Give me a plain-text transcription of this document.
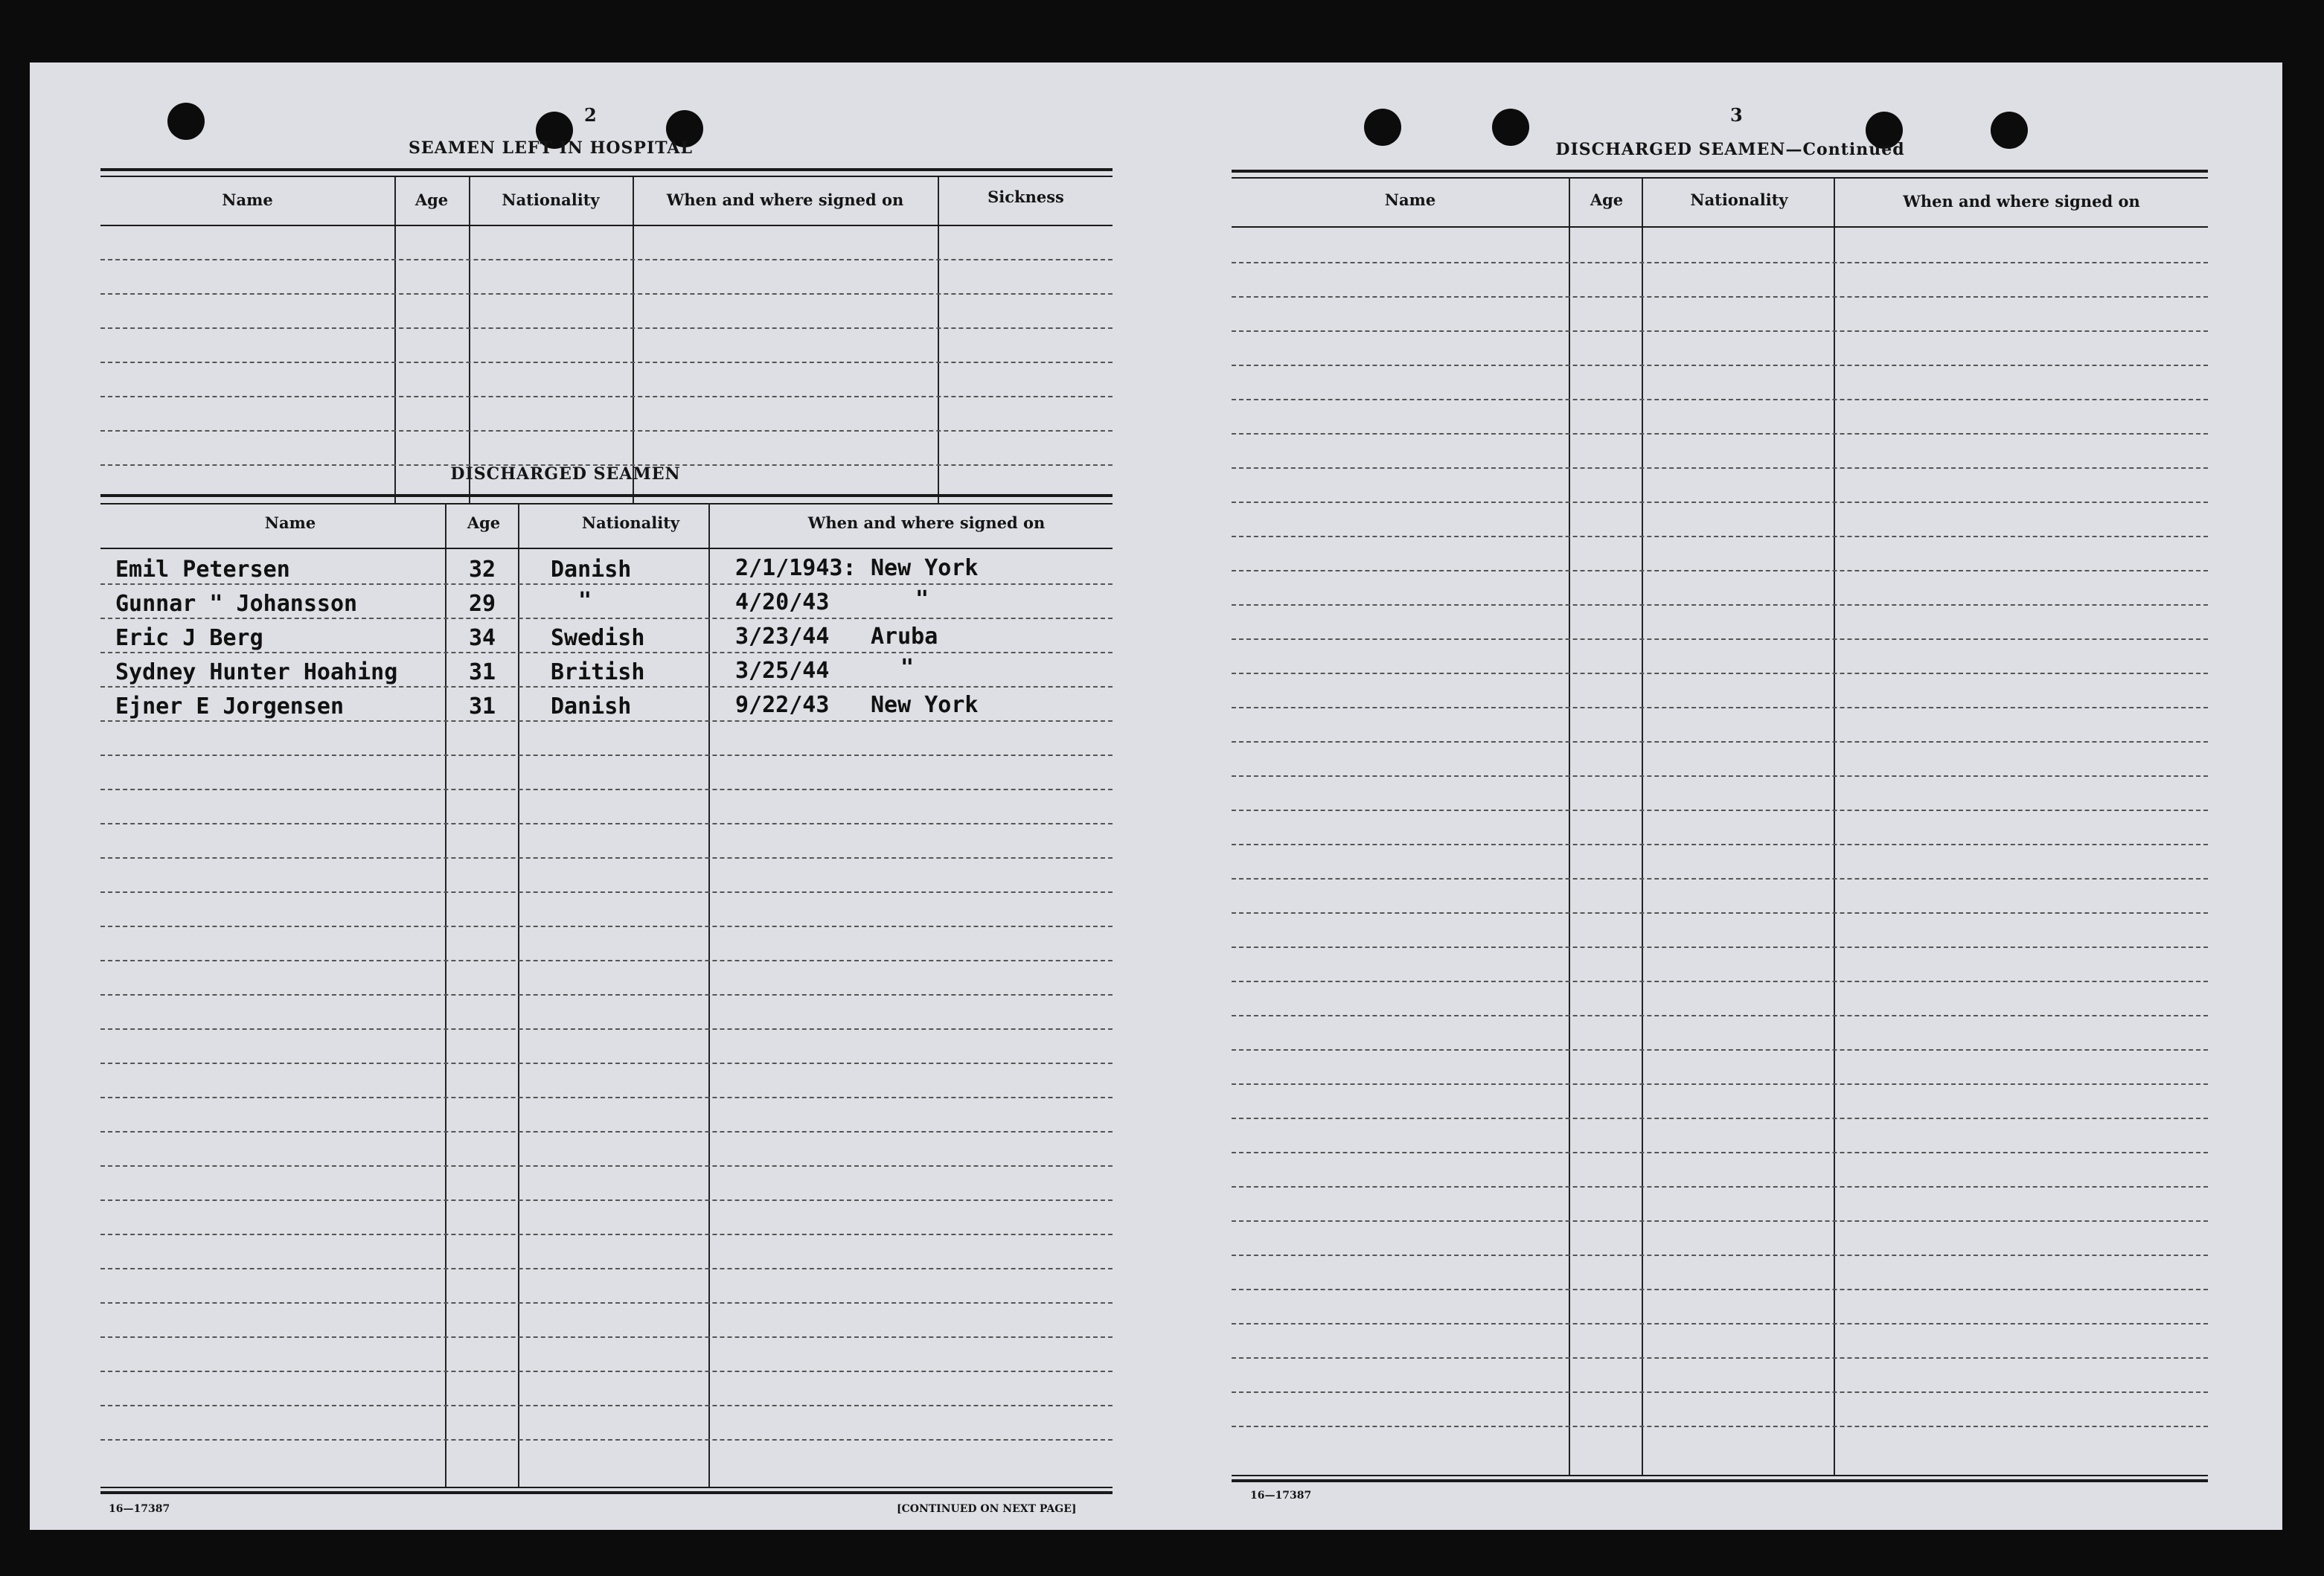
2
SEAMEN LEFT IN HOSPITAL
Name	Age	Nationality	When and where signed on	Sickness
DISCHARGED SEAMEN
Name	Age	Nationality	When and where signed on
Emil Petersen	32 Danish	2/1/1943: New York
Gunnar " Johansson	29	"	4/20/43	"
Eric J Berg	34 Swedish	3/23/44 Aruba
Sydney Hunter Hoahing	31 British	3/25/44	"
Ejner E Jorgensen	31 Danish	9/22/43 New York
16—17387	[CONTINUED ON NEXT PAGE]
3
DISCHARGED SEAMEN—Continued
Name	Age	Nationality	When and where signed on
16—17387
